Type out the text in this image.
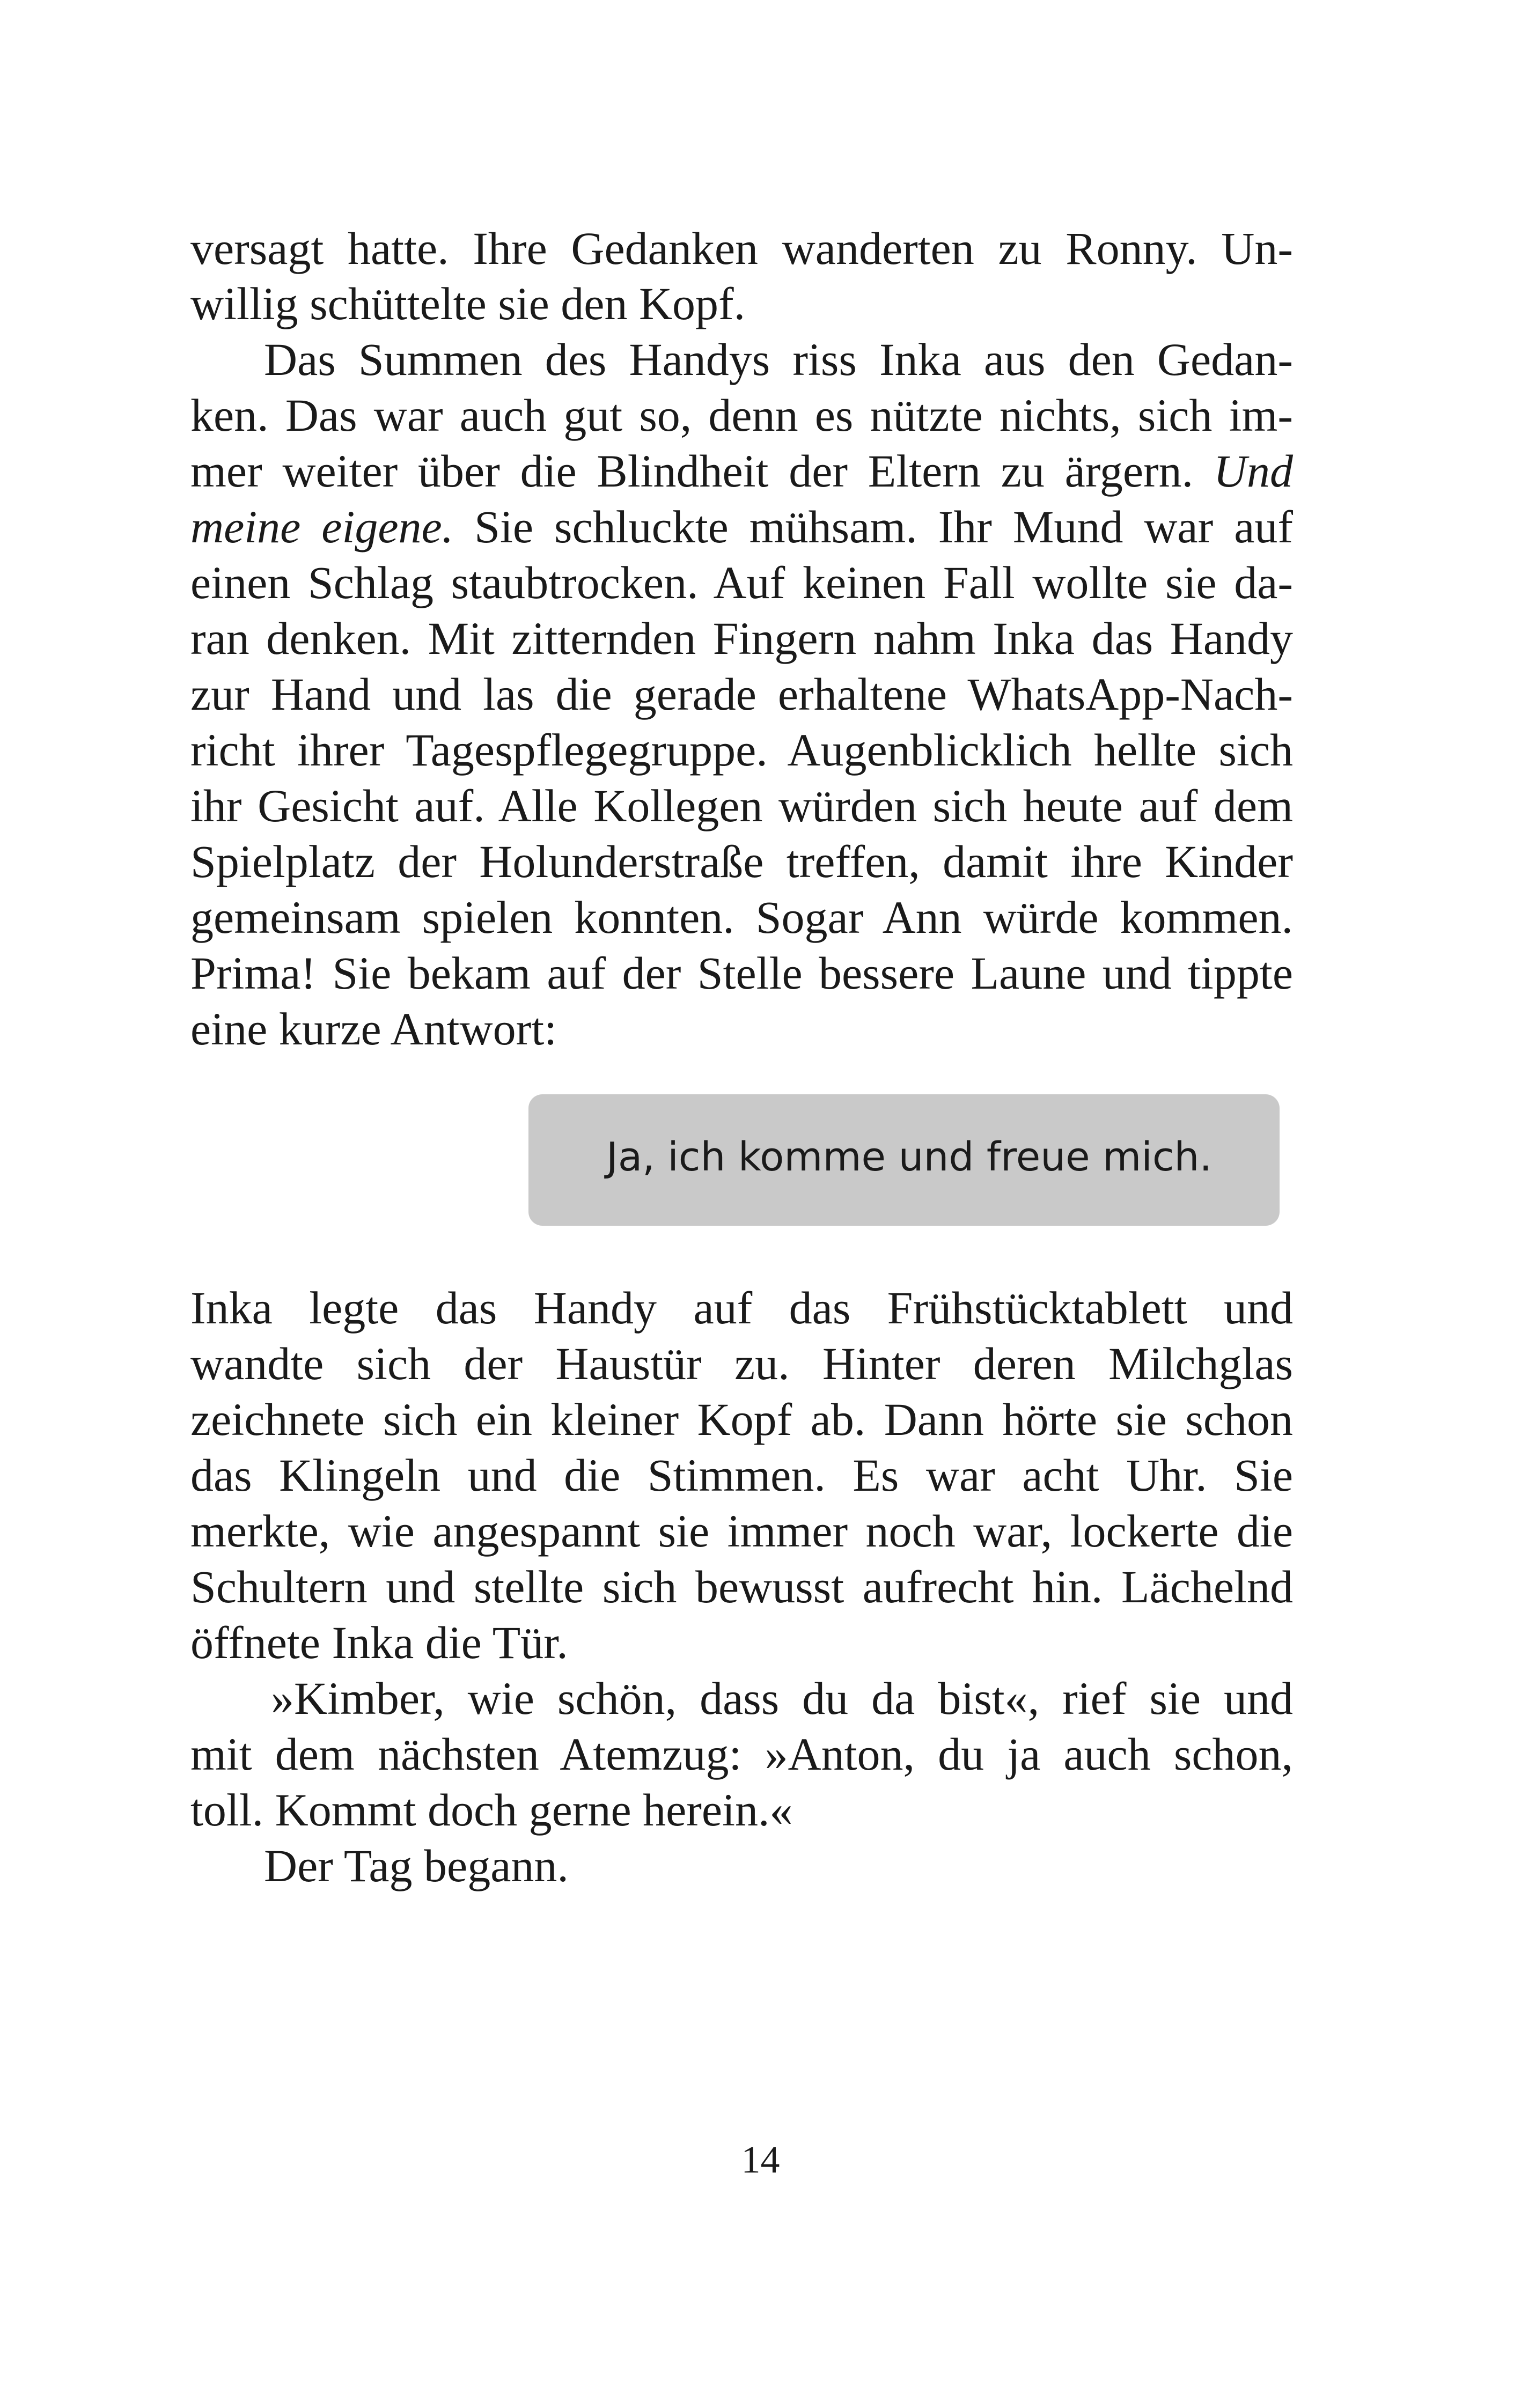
versagt hatte. Ihre Gedanken wanderten zu Ronny. Un-

willig schüttelte sie den Kopf.

Das Summen des Handys riss Inka aus den Gedan-

ken. Das war auch gut so, denn es nützte nichts, sich im-

mer weiter über die Blindheit der Eltern zu ärgern. Und

meine eigene. Sie schluckte mühsam. Ihr Mund war auf

einen Schlag staubtrocken. Auf keinen Fall wollte sie da-

ran denken. Mit zitternden Fingern nahm Inka das Handy

zur Hand und las die gerade erhaltene WhatsApp-Nach-

richt ihrer Tagespflegegruppe. Augenblicklich hellte sich

ihr Gesicht auf. Alle Kollegen würden sich heute auf dem

Spielplatz der Holunderstraße treffen, damit ihre Kinder

gemeinsam spielen konnten. Sogar Ann würde kommen.

Prima! Sie bekam auf der Stelle bessere Laune und tippte

eine kurze Antwort:

Ja, ich komme und freue mich.

Inka legte das Handy auf das Frühstücktablett und

wandte sich der Haustür zu. Hinter deren Milchglas

zeichnete sich ein kleiner Kopf ab. Dann hörte sie schon

das Klingeln und die Stimmen. Es war acht Uhr. Sie

merkte, wie angespannt sie immer noch war, lockerte die

Schultern und stellte sich bewusst aufrecht hin. Lächelnd

öffnete Inka die Tür.

»Kimber, wie schön, dass du da bist«, rief sie und

mit dem nächsten Atemzug: »Anton, du ja auch schon,

toll. Kommt doch gerne herein.«

Der Tag begann.

14
